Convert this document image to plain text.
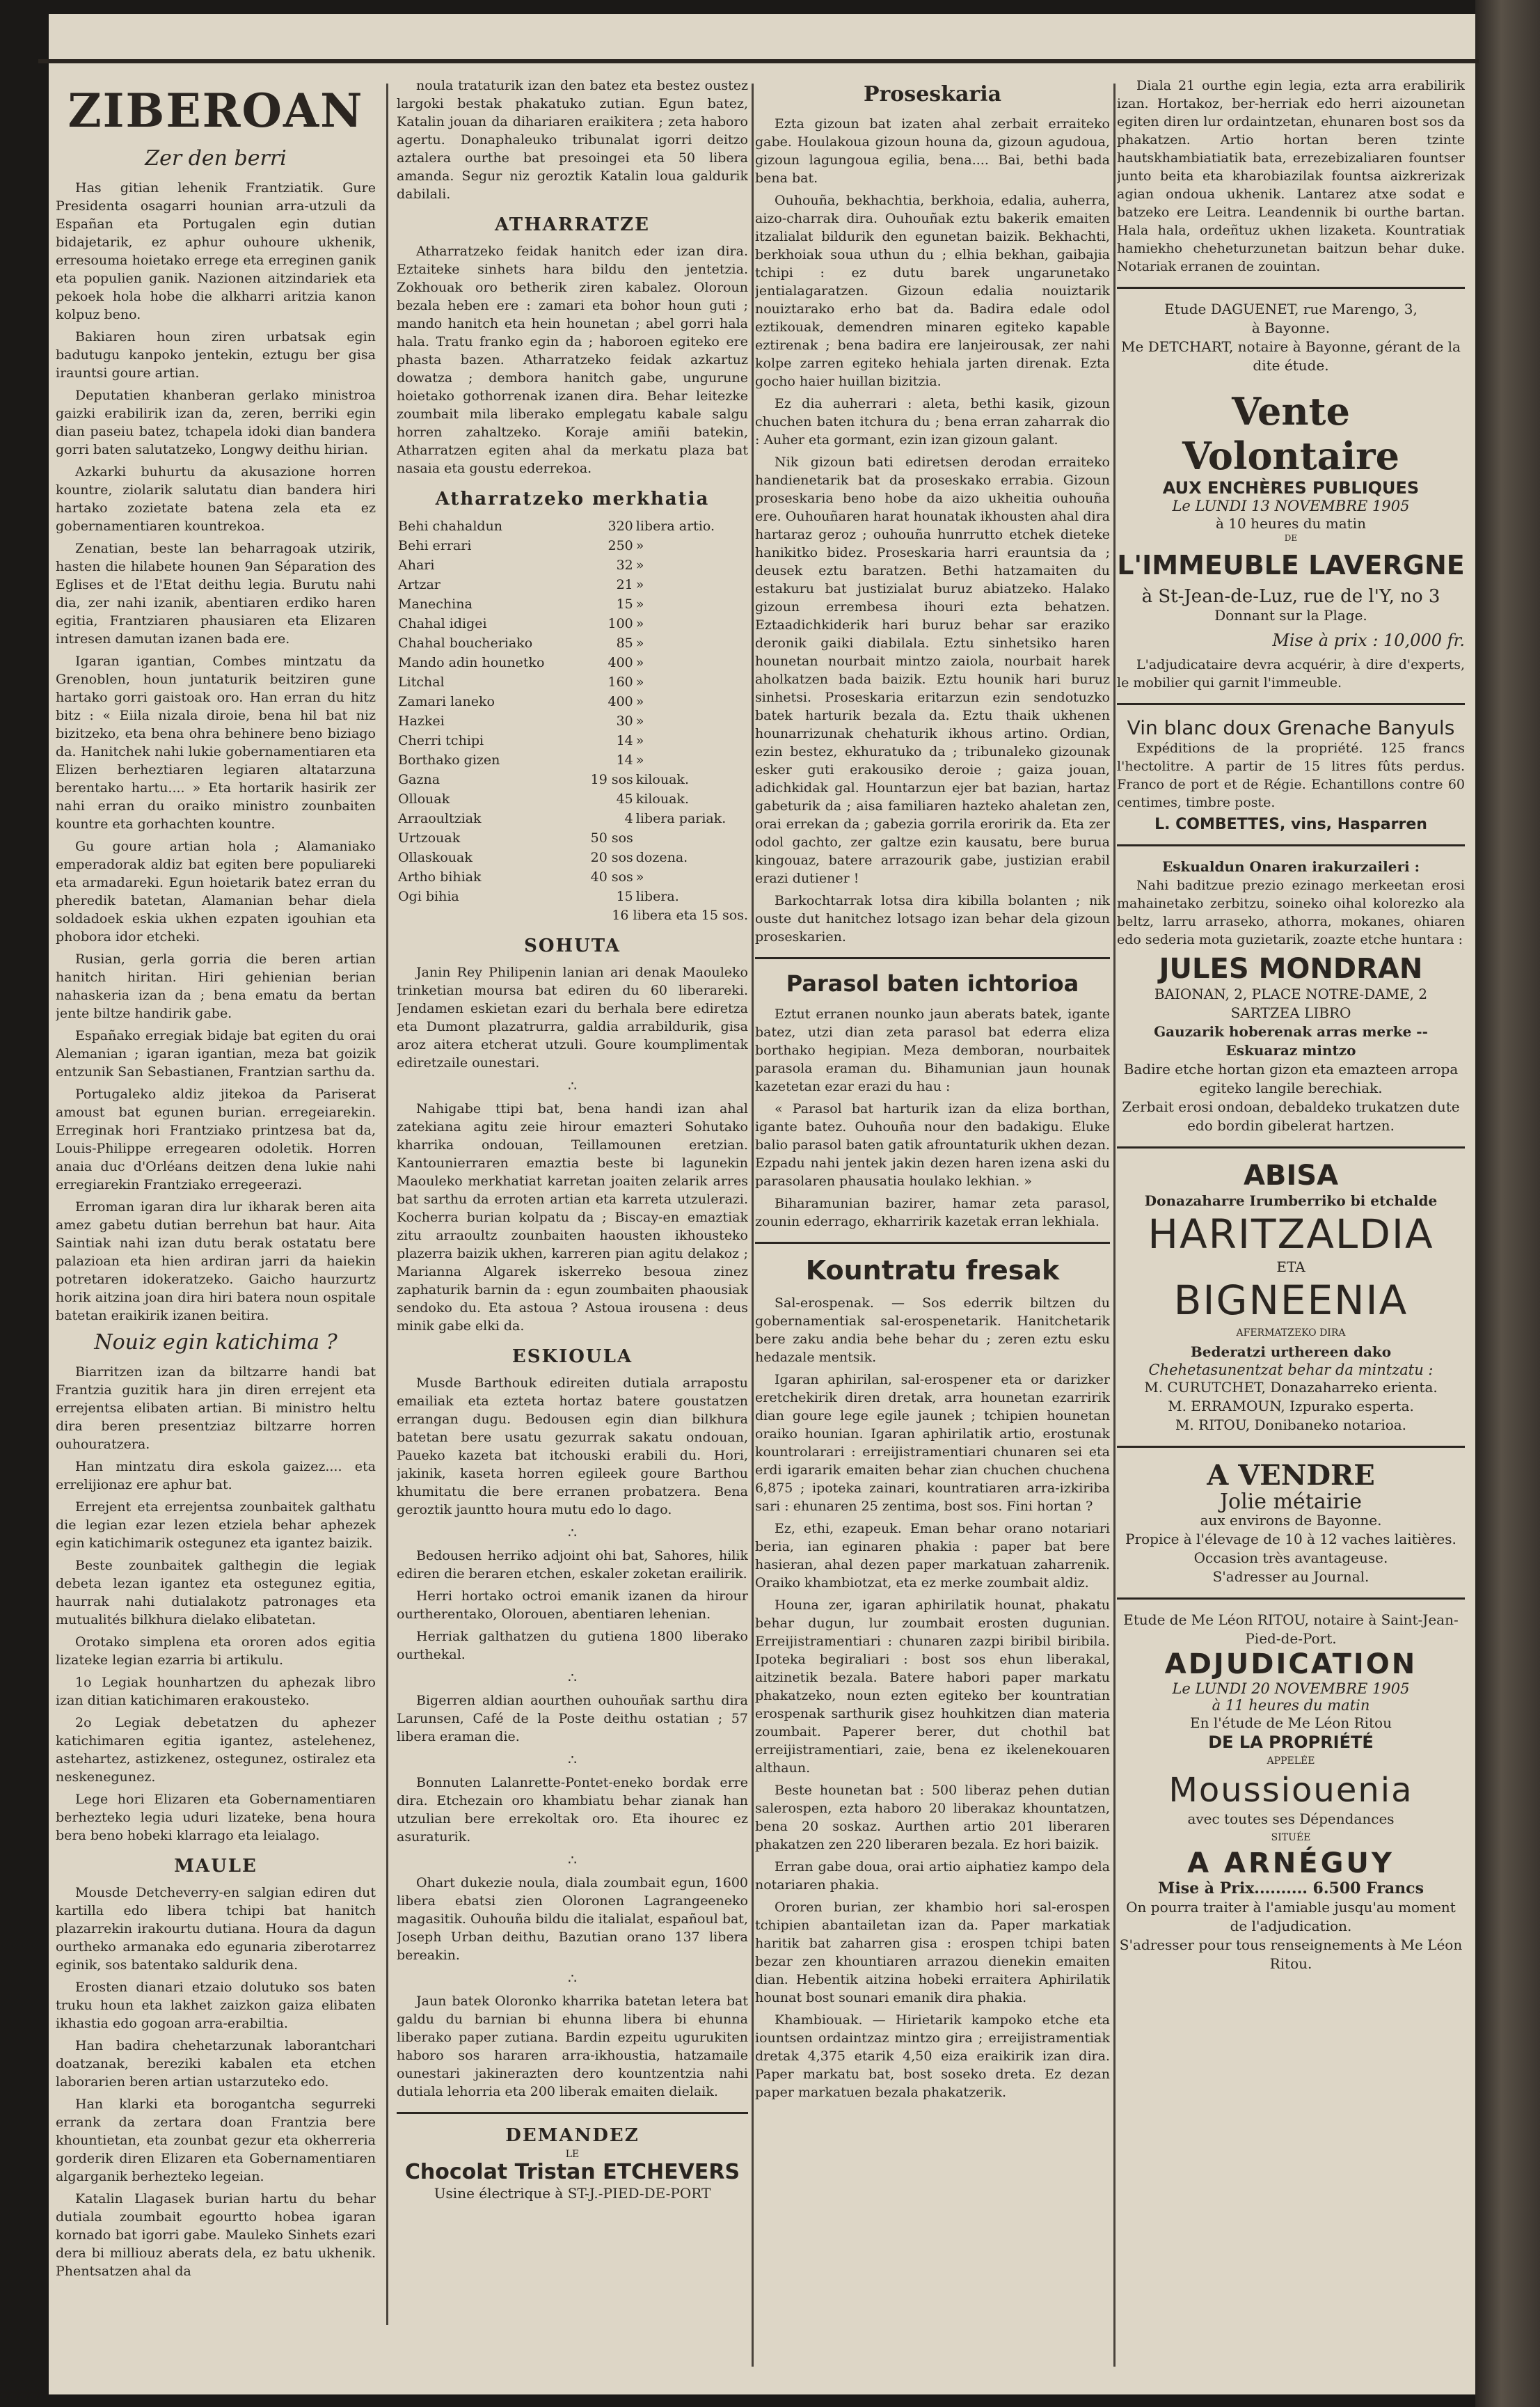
ZIBEROAN
Zer den berri

Has gitian lehenik Frantziatik. Gure Presidenta osagarri hounian arra-utzuli da Españan eta Portugalen egin dutian bidajetarik, ez aphur ouhoure ukhenik, erresouma hoietako errege eta erreginen ganik eta populien ganik. Nazionen aitzindariek eta pekoek hola hobe die alkharri aritzia kanon kolpuz beno.

Bakiaren houn ziren urbatsak egin badutugu kanpoko jentekin, eztugu ber gisa irauntsi goure artian.

Deputatien khanberan gerlako ministroa gaizki erabilirik izan da, zeren, berriki egin dian paseiu batez, tchapela idoki dian bandera gorri baten salutatzeko, Longwy deithu hirian.

Azkarki buhurtu da akusazione horren kountre, ziolarik salutatu dian bandera hiri hartako zozietate batena zela eta ez gobernamentiaren kountrekoa.

Zenatian, beste lan beharragoak utzirik, hasten die hilabete hounen 9an Séparation des Eglises et de l'Etat deithu legia. Burutu nahi dia, zer nahi izanik, abentiaren erdiko haren egitia, Frantziaren phausiaren eta Elizaren intresen damutan izanen bada ere.

Igaran igantian, Combes mintzatu da Grenoblen, houn juntaturik beitziren gune hartako gorri gaistoak oro. Han erran du hitz bitz : « Eiila nizala diroie, bena hil bat niz bizitzeko, eta bena ohra behinere beno biziago da. Hanitchek nahi lukie gobernamentiaren eta Elizen berheztiaren legiaren altatarzuna berentako hartu.... » Eta hortarik hasirik zer nahi erran du oraiko ministro zounbaiten kountre eta gorhachten kountre.

Gu goure artian hola ; Alamaniako emperadorak aldiz bat egiten bere populiareki eta armadareki. Egun hoietarik batez erran du pheredik batetan, Alamanian behar diela soldadoek eskia ukhen ezpaten igouhian eta phobora idor etcheki.

Rusian, gerla gorria die beren artian hanitch hiritan. Hiri gehienian berian nahaskeria izan da ; bena ematu da bertan jente biltze handirik gabe.

Españako erregiak bidaje bat egiten du orai Alemanian ; igaran igantian, meza bat goizik entzunik San Sebastianen, Frantzian sarthu da.

Portugaleko aldiz jitekoa da Pariserat amoust bat egunen burian. erregeiarekin. Erreginak hori Frantziako printzesa bat da, Louis-Philippe erregearen odoletik. Horren anaia duc d'Orléans deitzen dena lukie nahi erregiarekin Frantziako erregeerazi.

Erroman igaran dira lur ikharak beren aita amez gabetu dutian berrehun bat haur. Aita Saintiak nahi izan dutu berak ostatatu bere palazioan eta hien ardiran jarri da haiekin potretaren idokeratzeko. Gaicho haurzurtz horik aitzina joan dira hiri batera noun ospitale batetan eraikirik izanen beitira.

Nouiz egin katichima ?

Biarritzen izan da biltzarre handi bat Frantzia guzitik hara jin diren errejent eta errejentsa elibaten artian. Bi ministro heltu dira beren presentziaz biltzarre horren ouhouratzera.

Han mintzatu dira eskola gaizez.... eta errelijionaz ere aphur bat.

Errejent eta errejentsa zounbaitek galthatu die legian ezar lezen etziela behar aphezek egin katichimarik ostegunez eta igantez baizik.

Beste zounbaitek galthegin die legiak debeta lezan igantez eta ostegunez egitia, haurrak nahi dutialakotz patronages eta mutualités bilkhura dielako elibatetan.

Orotako simplena eta ororen ados egitia lizateke legian ezarria bi artikulu.

1o Legiak hounhartzen du aphezak libro izan ditian katichimaren erakousteko.

2o Legiak debetatzen du aphezer katichimaren egitia igantez, astelehenez, astehartez, astizkenez, ostegunez, ostiralez eta neskenegunez.

Lege hori Elizaren eta Gobernamentiaren berhezteko legia uduri lizateke, bena houra bera beno hobeki klarrago eta leialago.

MAULE

Mousde Detcheverry-en salgian ediren dut kartilla edo libera tchipi bat hanitch plazarrekin irakourtu dutiana. Houra da dagun ourtheko armanaka edo egunaria ziberotarrez eginik, sos batentako saldurik dena.

Erosten dianari etzaio dolutuko sos baten truku houn eta lakhet zaizkon gaiza elibaten ikhastia edo gogoan arra-erabiltia.

Han badira chehetarzunak laborantchari doatzanak, bereziki kabalen eta etchen laborarien beren artian ustarzuteko edo.

Han klarki eta borogantcha segurreki errank da zertara doan Frantzia bere khountietan, eta zounbat gezur eta okherreria gorderik diren Elizaren eta Gobernamentiaren algarganik berhezteko legeian.

Katalin Llagasek burian hartu du behar dutiala zoumbait egourtto hobea igaran kornado bat igorri gabe. Mauleko Sinhets ezari dera bi milliouz aberats dela, ez batu ukhenik. Phentsatzen ahal da

noula trataturik izan den batez eta bestez oustez largoki bestak phakatuko zutian. Egun batez, Katalin jouan da dihariaren eraikitera ; zeta haboro agertu. Donaphaleuko tribunalat igorri deitzo aztalera ourthe bat presoingei eta 50 libera amanda. Segur niz geroztik Katalin loua galdurik dabilali.

ATHARRATZE

Atharratzeko feidak hanitch eder izan dira. Eztaiteke sinhets hara bildu den jentetzia. Zokhouak oro betherik ziren kabalez. Oloroun bezala heben ere : zamari eta bohor houn guti ; mando hanitch eta hein hounetan ; abel gorri hala hala. Tratu franko egin da ; haboroen egiteko ere phasta bazen. Atharratzeko feidak azkartuz dowatza ; dembora hanitch gabe, ungurune hoietako gothorrenak izanen dira. Behar leitezke zoumbait mila liberako emplegatu kabale salgu horren zahaltzeko. Koraje amiñi batekin, Atharratzen egiten ahal da merkatu plaza bat nasaia eta goustu ederrekoa.

Atharratzeko merkhatia
Behi chahaldun	320	libera artio.
Behi errari	250	»
Ahari	32	»
Artzar	21	»
Manechina	15	»
Chahal idigei	100	»
Chahal boucheriako	85	»
Mando adin hounetko	400	»
Litchal	160	»
Zamari laneko	400	»
Hazkei	30	»
Cherri tchipi	14	»
Borthako gizen	14	»
Gazna	19 sos	kilouak.
Ollouak	45	kilouak.
Arraoultziak	4	libera pariak.
Urtzouak	50 sos	
Ollaskouak	20 sos	dozena.
Artho bihiak	40 sos	»
Ogi bihia	15	libera.
16 libera eta 15 sos.
SOHUTA

Janin Rey Philipenin lanian ari denak Maouleko trinketian moursa bat ediren du 60 liberareki. Jendamen eskietan ezari du berhala bere ediretza eta Dumont plazatrurra, galdia arrabildurik, gisa aroz aitera etcherat utzuli. Goure koumplimentak ediretzaile ounestari.

∴

Nahigabe ttipi bat, bena handi izan ahal zatekiana agitu zeie hirour emazteri Sohutako kharrika ondouan, Teillamounen eretzian. Kantounierraren emaztia beste bi lagunekin Maouleko merkhatiat karretan joaiten zelarik arres bat sarthu da erroten artian eta karreta utzulerazi. Kocherra burian kolpatu da ; Biscay-en emaztiak zitu arraoultz zounbaiten haousten ikhousteko plazerra baizik ukhen, karreren pian agitu delakoz ; Marianna Algarek iskerreko besoua zinez zaphaturik barnin da : egun zoumbaiten phaousiak sendoko du. Eta astoua ? Astoua irousena : deus minik gabe elki da.

ESKIOULA

Musde Barthouk edireiten dutiala arrapostu emailiak eta ezteta hortaz batere goustatzen errangan dugu. Bedousen egin dian bilkhura batetan bere usatu gezurrak sakatu ondouan, Paueko kazeta bat itchouski erabili du. Hori, jakinik, kaseta horren egileek goure Barthou khumitatu die bere erranen probatzera. Bena geroztik jauntto houra mutu edo lo dago.

∴

Bedousen herriko adjoint ohi bat, Sahores, hilik ediren die beraren etchen, eskaler zoketan erailirik.

Herri hortako octroi emanik izanen da hirour ourtherentako, Olorouen, abentiaren lehenian.

Herriak galthatzen du gutiena 1800 liberako ourthekal.

∴

Bigerren aldian aourthen ouhouñak sarthu dira Larunsen, Café de la Poste deithu ostatian ; 57 libera eraman die.

∴

Bonnuten Lalanrette-Pontet-eneko bordak erre dira. Etchezain oro khambiatu behar zianak han utzulian bere errekoltak oro. Eta ihourec ez asuraturik.

∴

Ohart dukezie noula, diala zoumbait egun, 1600 libera ebatsi zien Oloronen Lagrangeeneko magasitik. Ouhouña bildu die italialat, españoul bat, Joseph Urban deithu, Bazutian orano 137 libera bereakin.

∴

Jaun batek Oloronko kharrika batetan letera bat galdu du barnian bi ehunna libera bi ehunna liberako paper zutiana. Bardin ezpeitu ugurukiten haboro sos hararen arra-ikhoustia, hatzamaile ounestari jakinerazten dero kountzentzia nahi dutiala lehorria eta 200 liberak emaiten dielaik.

DEMANDEZ
LE
Chocolat Tristan ETCHEVERS
Usine électrique à ST-J.-PIED-DE-PORT
Proseskaria

Ezta gizoun bat izaten ahal zerbait erraiteko gabe. Houlakoua gizoun houna da, gizoun agudoua, gizoun lagungoua egilia, bena.... Bai, bethi bada bena bat.

Ouhouña, bekhachtia, berkhoia, edalia, auherra, aizo-charrak dira. Ouhouñak eztu bakerik emaiten itzalialat bildurik den egunetan baizik. Bekhachti, berkhoiak soua uthun du ; elhia bekhan, gaibajia tchipi : ez dutu barek ungarunetako jentialagaratzen. Gizoun edalia nouiztarik nouiztarako erho bat da. Badira edale odol eztikouak, demendren minaren egiteko kapable eztirenak ; bena badira ere lanjeirousak, zer nahi kolpe zarren egiteko hehiala jarten direnak. Ezta gocho haier huillan bizitzia.

Ez dia auherrari : aleta, bethi kasik, gizoun chuchen baten itchura du ; bena erran zaharrak dio : Auher eta gormant, ezin izan gizoun galant.

Nik gizoun bati ediretsen derodan erraiteko handienetarik bat da proseskako errabia. Gizoun proseskaria beno hobe da aizo ukheitia ouhouña ere. Ouhouñaren harat hounatak ikhousten ahal dira hartaraz geroz ; ouhouña hunrrutto etchek dieteke hanikitko bidez. Proseskaria harri erauntsia da ; deusek eztu baratzen. Bethi hatzamaiten du estakuru bat justizialat buruz abiatzeko. Halako gizoun errembesa ihouri ezta behatzen. Eztaadichkiderik hari buruz behar sar erazikо deronik gaiki diabilala. Eztu sinhetsiko haren hounetan nourbait mintzo zaiola, nourbait harek aholkatzen bada baizik. Eztu hounik hari buruz sinhetsi. Proseskaria eritarzun ezin sendotuzko batek harturik bezala da. Eztu thaik ukhenen hounarrizunak chehaturik ikhous artino. Ordian, ezin bestez, ekhuratuko da ; tribunaleko gizounak esker guti erakousiko deroie ; gaiza jouan, adichkidak gal. Hountarzun ejer bat bazian, hartaz gabeturik da ; aisa familiaren hazteko ahaletan zen, orai errekan da ; gabezia gorrila eroririk da. Eta zer odol gachto, zer galtze ezin kausatu, bere burua kingouaz, batere arrazourik gabe, justizian erabil erazi dutiener !

Barkochtarrak lotsa dira kibilla bolanten ; nik ouste dut hanitchez lotsago izan behar dela gizoun proseskarien.

Parasol baten ichtorioa

Eztut erranen nounko jaun aberats batek, igante batez, utzi dian zeta parasol bat ederra eliza borthako hegipian. Meza demboran, nourbaitek parasola eraman du. Bihamunian jaun hounak kazetetan ezar erazi du hau :

« Parasol bat harturik izan da eliza borthan, igante batez. Ouhouña nour den badakigu. Eluke balio parasol baten gatik afrountaturik ukhen dezan. Ezpadu nahi jentek jakin dezen haren izena aski du parasolaren phausatia houlako lekhian. »

Biharamunian bazirer, hamar zeta parasol, zounin ederrago, ekharririk kazetak erran lekhiala.

Kountratu fresak

Sal-erospenak. — Sos ederrik biltzen du gobernamentiak sal-erospenetarik. Hanitchetarik bere zaku andia behe behar du ; zeren eztu esku hedazale mentsik.

Igaran aphirilan, sal-erospener eta or darizker eretchekirik diren dretak, arra hounetan ezarririk dian goure lege egile jaunek ; tchipien hounetan oraiko hounian. Igaran aphirilatik artio, erostunak kountrolarari : erreijistramentiari chunaren sei eta erdi igararik emaiten behar zian chuchen chuchena 6,875 ; ipoteka zainari, kountratiaren arra-izkiriba sari : ehunaren 25 zentima, bost sos. Fini hortan ?

Ez, ethi, ezapeuk. Eman behar orano notariari beria, ian eginaren phakia : paper bat bere hasieran, ahal dezen paper markatuan zaharrenik. Oraiko khambiotzat, eta ez merke zoumbait aldiz.

Houna zer, igaran aphirilatik hounat, phakatu behar dugun, lur zoumbait erosten dugunian. Erreijistramentiari : chunaren zazpi biribil biribila. Ipoteka begiraliari : bost sos ehun liberakal, aitzinetik bezala. Batere habori paper markatu phakatzeko, noun ezten egiteko ber kountratian erospenak sarthurik gisez houhkitzen dian materia zoumbait. Paperer berer, dut chothil bat erreijistramentiari, zaie, bena ez ikelenekouaren althaun.

Beste hounetan bat : 500 liberaz pehen dutian salerospen, ezta haboro 20 liberakaz khountatzen, bena 20 soskaz. Aurthen artio 201 liberaren phakatzen zen 220 liberaren bezala. Ez hori baizik.

Erran gabe doua, orai artio aiphatiez kampo dela notariaren phakia.

Ororen burian, zer khambio hori sal-erospen tchipien abantailetan izan da. Paper markatiak haritik bat zaharren gisa : erospen tchipi baten bezar zen khountiaren arrazou dienekin emaiten dian. Hebentik aitzina hobeki erraitera Aphirilatik hounat bost sounari emanik dira phakia.

Khambiouak. — Hirietarik kampoko etche eta iountsen ordaintzaz mintzo gira ; erreijistramentiak dretak 4,375 etarik 4,50 eiza eraikirik izan dira. Paper markatu bat, bost soseko dreta. Ez dezan paper markatuen bezala phakatzerik.

Diala 21 ourthe egin legia, ezta arra erabilirik izan. Hortakoz, ber-herriak edo herri aizounetan egiten diren lur ordaintzetan, ehunaren bost sos da phakatzen. Artio hortan beren tzinte hautskhambiatiatik bata, errezebizaliaren fountser junto beita eta kharobiazilak fountsa aizkrerizak agian ondoua ukhenik. Lantarez atxe sodat e batzeko ere Leitra. Leandennik bi ourthe bartan. Hala hala, ordeñtuz ukhen lizaketa. Kountratiak hamiekho cheheturzunetan baitzun behar duke. Notariak erranen de zouintan.

Etude DAGUENET, rue Marengo, 3,
à Bayonne.
Me DETCHART, notaire à Bayonne, gérant de la dite étude.
Vente Volontaire
AUX ENCHÈRES PUBLIQUES
Le LUNDI 13 NOVEMBRE 1905
à 10 heures du matin
DE
L'IMMEUBLE LAVERGNE
à St-Jean-de-Luz, rue de l'Y, no 3
Donnant sur la Plage.
Mise à prix : 10,000 fr.

L'adjudicataire devra acquérir, à dire d'experts, le mobilier qui garnit l'immeuble.

Vin blanc doux Grenache Banyuls

Expéditions de la propriété. 125 francs l'hectolitre. A partir de 15 litres fûts perdus. Franco de port et de Régie. Echantillons contre 60 centimes, timbre poste.

L. COMBETTES, vins, Hasparren
Eskualdun Onaren irakurzaileri :

Nahi baditzue prezio ezinago merkeetan erosi mahainetako zerbitzu, soineko oihal kolorezko ala beltz, larru arraseko, athorra, mokanes, ohiaren edo sederia mota guzietarik, zoazte etche huntara :

JULES MONDRAN
BAIONAN, 2, PLACE NOTRE-DAME, 2
SARTZEA LIBRO
Gauzarik hoberenak arras merke -- Eskuaraz mintzo
Badire etche hortan gizon eta emazteen arropa egiteko langile berechiak.
Zerbait erosi ondoan, debaldeko trukatzen dute edo bordin gibelerat hartzen.
ABISA
Donazaharre Irumberriko bi etchalde
HARITZALDIA
ETA
BIGNEENIA
AFERMATZEKO DIRA
Bederatzi urthereen dako
Chehetasunentzat behar da mintzatu :
M. CURUTCHET, Donazaharreko erienta.
M. ERRAMOUN, Izpurako esperta.
M. RITOU, Donibaneko notarioa.
A VENDRE
Jolie métairie
aux environs de Bayonne.
Propice à l'élevage de 10 à 12 vaches laitières. Occasion très avantageuse.
S'adresser au Journal.
Etude de Me Léon RITOU, notaire à Saint-Jean-Pied-de-Port.
ADJUDICATION
Le LUNDI 20 NOVEMBRE 1905
à 11 heures du matin
En l'étude de Me Léon Ritou
DE LA PROPRIÉTÉ
APPELÉE
Moussiouenia
avec toutes ses Dépendances
SITUÉE
A ARNÉGUY
Mise à Prix.......... 6.500 Francs
On pourra traiter à l'amiable jusqu'au moment de l'adjudication.
S'adresser pour tous renseignements à Me Léon Ritou.
